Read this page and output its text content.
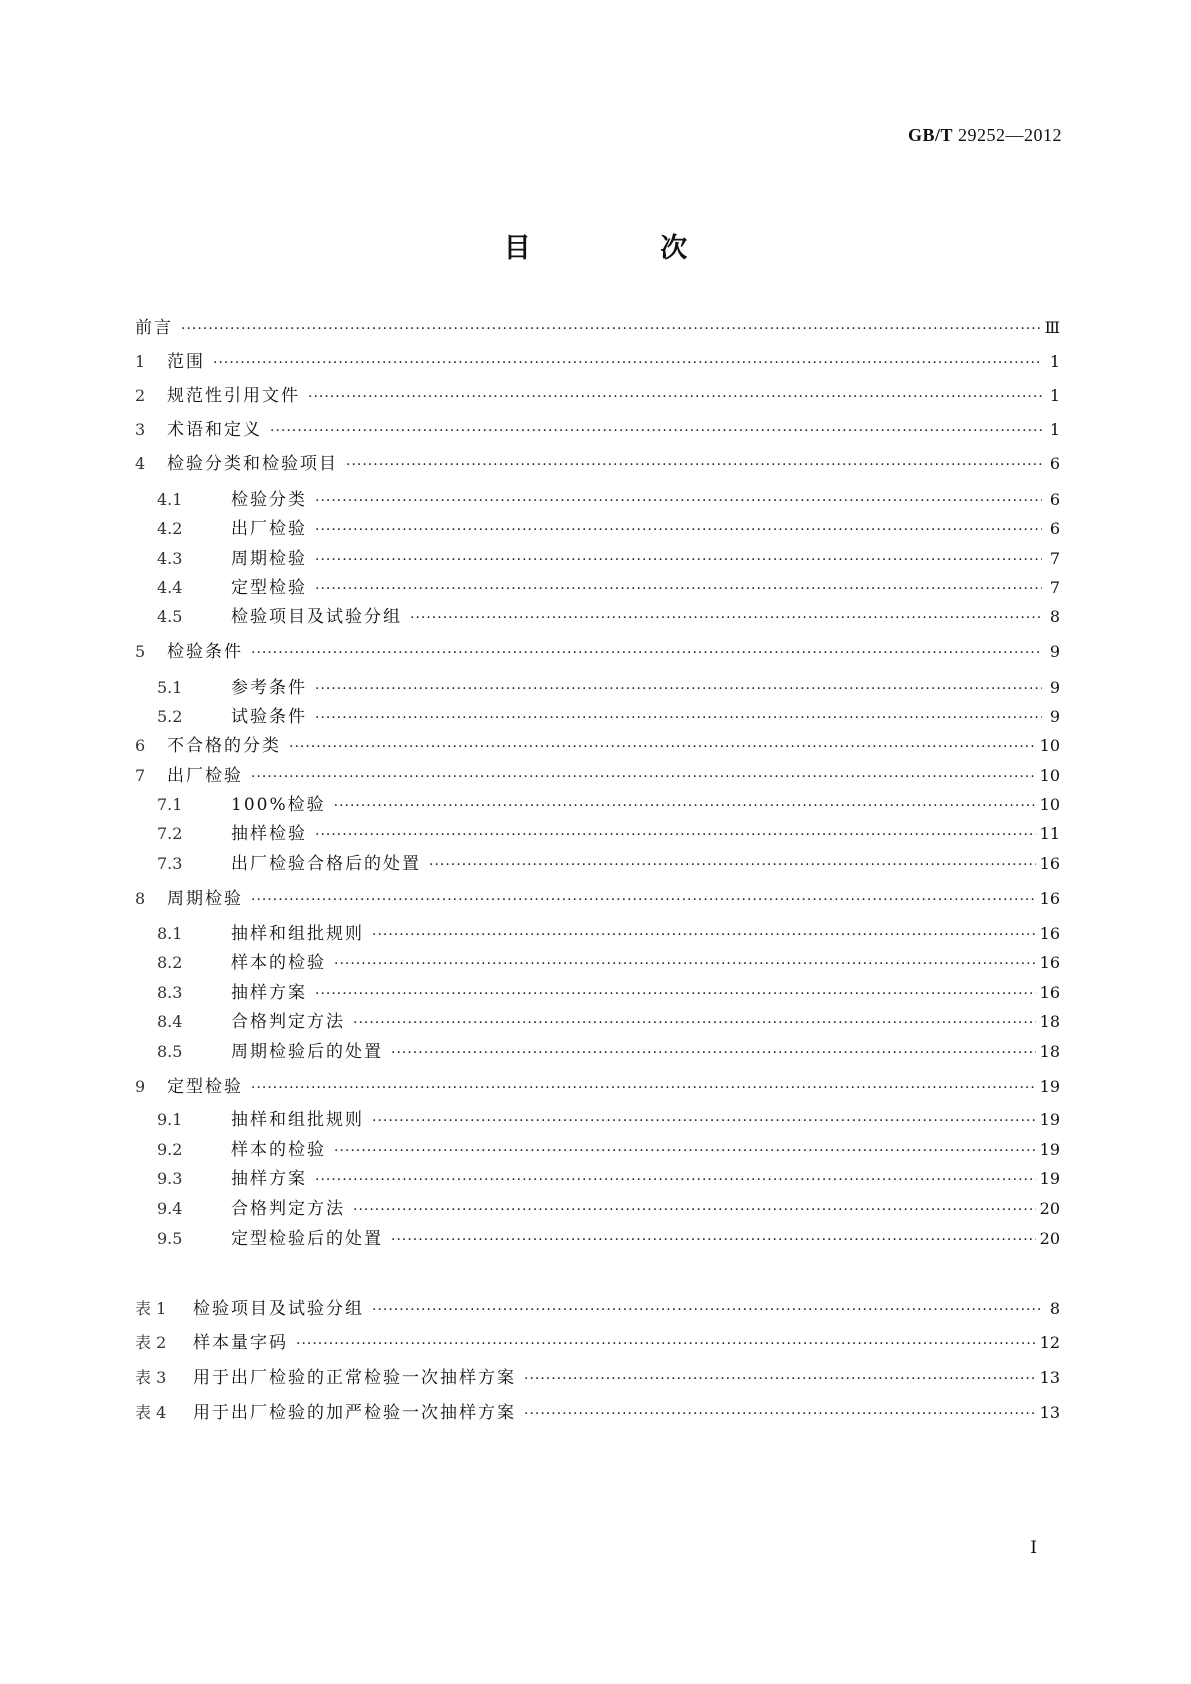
GB/T 29252—2012
目 次
前言 ·····	Ⅲ
1	范围 ·····	1
2	规范性引用文件 ·····	1
3	术语和定义 ·····	1
4	检验分类和检验项目 ·····	6
4.1	检验分类 ·····	6
4.2	出厂检验 ·····	6
4.3	周期检验 ·····	7
4.4	定型检验 ·····	7
4.5	检验项目及试验分组 ·····	8
5	检验条件 ·····	9
5.1	参考条件 ·····	9
5.2	试验条件 ·····	9
6	不合格的分类 ·····	10
7	出厂检验 ·····	10
7.1	100%检验 ·····	10
7.2	抽样检验 ·····	11
7.3	出厂检验合格后的处置 ·····	16
8	周期检验 ·····	16
8.1	抽样和组批规则 ·····	16
8.2	样本的检验 ·····	16
8.3	抽样方案 ·····	16
8.4	合格判定方法 ·····	18
8.5	周期检验后的处置 ·····	18
9	定型检验 ·····	19
9.1	抽样和组批规则 ·····	19
9.2	样本的检验 ·····	19
9.3	抽样方案 ·····	19
9.4	合格判定方法 ·····	20
9.5	定型检验后的处置 ·····	20
表 1	检验项目及试验分组 ·····	8
表 2	样本量字码 ·····	12
表 3	用于出厂检验的正常检验一次抽样方案 ·····	13
表 4	用于出厂检验的加严检验一次抽样方案 ·····	13
I
